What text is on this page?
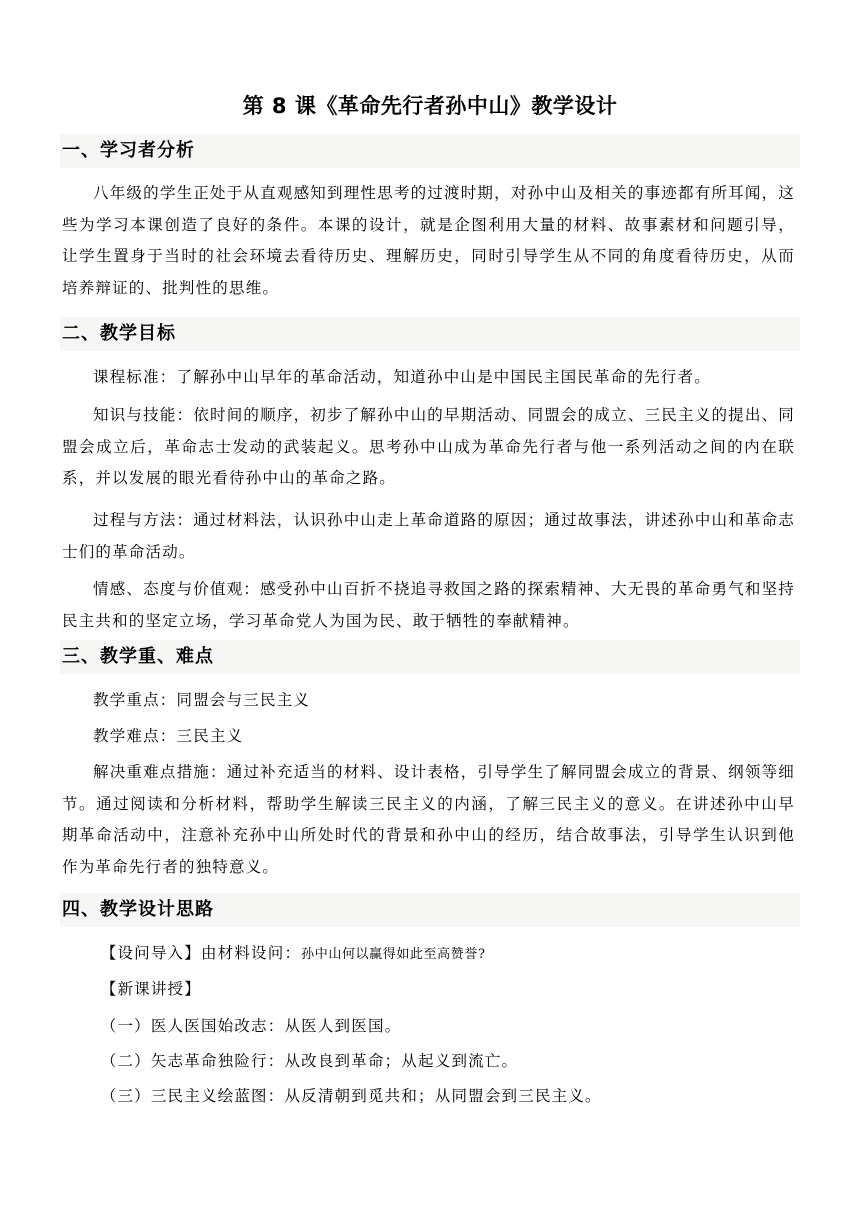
第 8 课《革命先行者孙中山》教学设计
一、学习者分析

八年级的学生正处于从直观感知到理性思考的过渡时期，对孙中山及相关的事迹都有所耳闻，这些为学习本课创造了良好的条件。本课的设计，就是企图利用大量的材料、故事素材和问题引导，让学生置身于当时的社会环境去看待历史、理解历史，同时引导学生从不同的角度看待历史，从而培养辩证的、批判性的思维。

二、教学目标

课程标准：了解孙中山早年的革命活动，知道孙中山是中国民主国民革命的先行者。

知识与技能：依时间的顺序，初步了解孙中山的早期活动、同盟会的成立、三民主义的提出、同盟会成立后，革命志士发动的武装起义。思考孙中山成为革命先行者与他一系列活动之间的内在联系，并以发展的眼光看待孙中山的革命之路。

过程与方法：通过材料法，认识孙中山走上革命道路的原因；通过故事法，讲述孙中山和革命志士们的革命活动。

情感、态度与价值观：感受孙中山百折不挠追寻救国之路的探索精神、大无畏的革命勇气和坚持民主共和的坚定立场，学习革命党人为国为民、敢于牺牲的奉献精神。

三、教学重、难点

教学重点：同盟会与三民主义

教学难点：三民主义

解决重难点措施：通过补充适当的材料、设计表格，引导学生了解同盟会成立的背景、纲领等细节。通过阅读和分析材料，帮助学生解读三民主义的内涵，了解三民主义的意义。在讲述孙中山早期革命活动中，注意补充孙中山所处时代的背景和孙中山的经历，结合故事法，引导学生认识到他作为革命先行者的独特意义。

四、教学设计思路

【设问导入】由材料设问：孙中山何以赢得如此至高赞誉?

【新课讲授】

（一）医人医国始改志：从医人到医国。

（二）矢志革命独险行：从改良到革命；从起义到流亡。

（三）三民主义绘蓝图：从反清朝到觅共和；从同盟会到三民主义。
